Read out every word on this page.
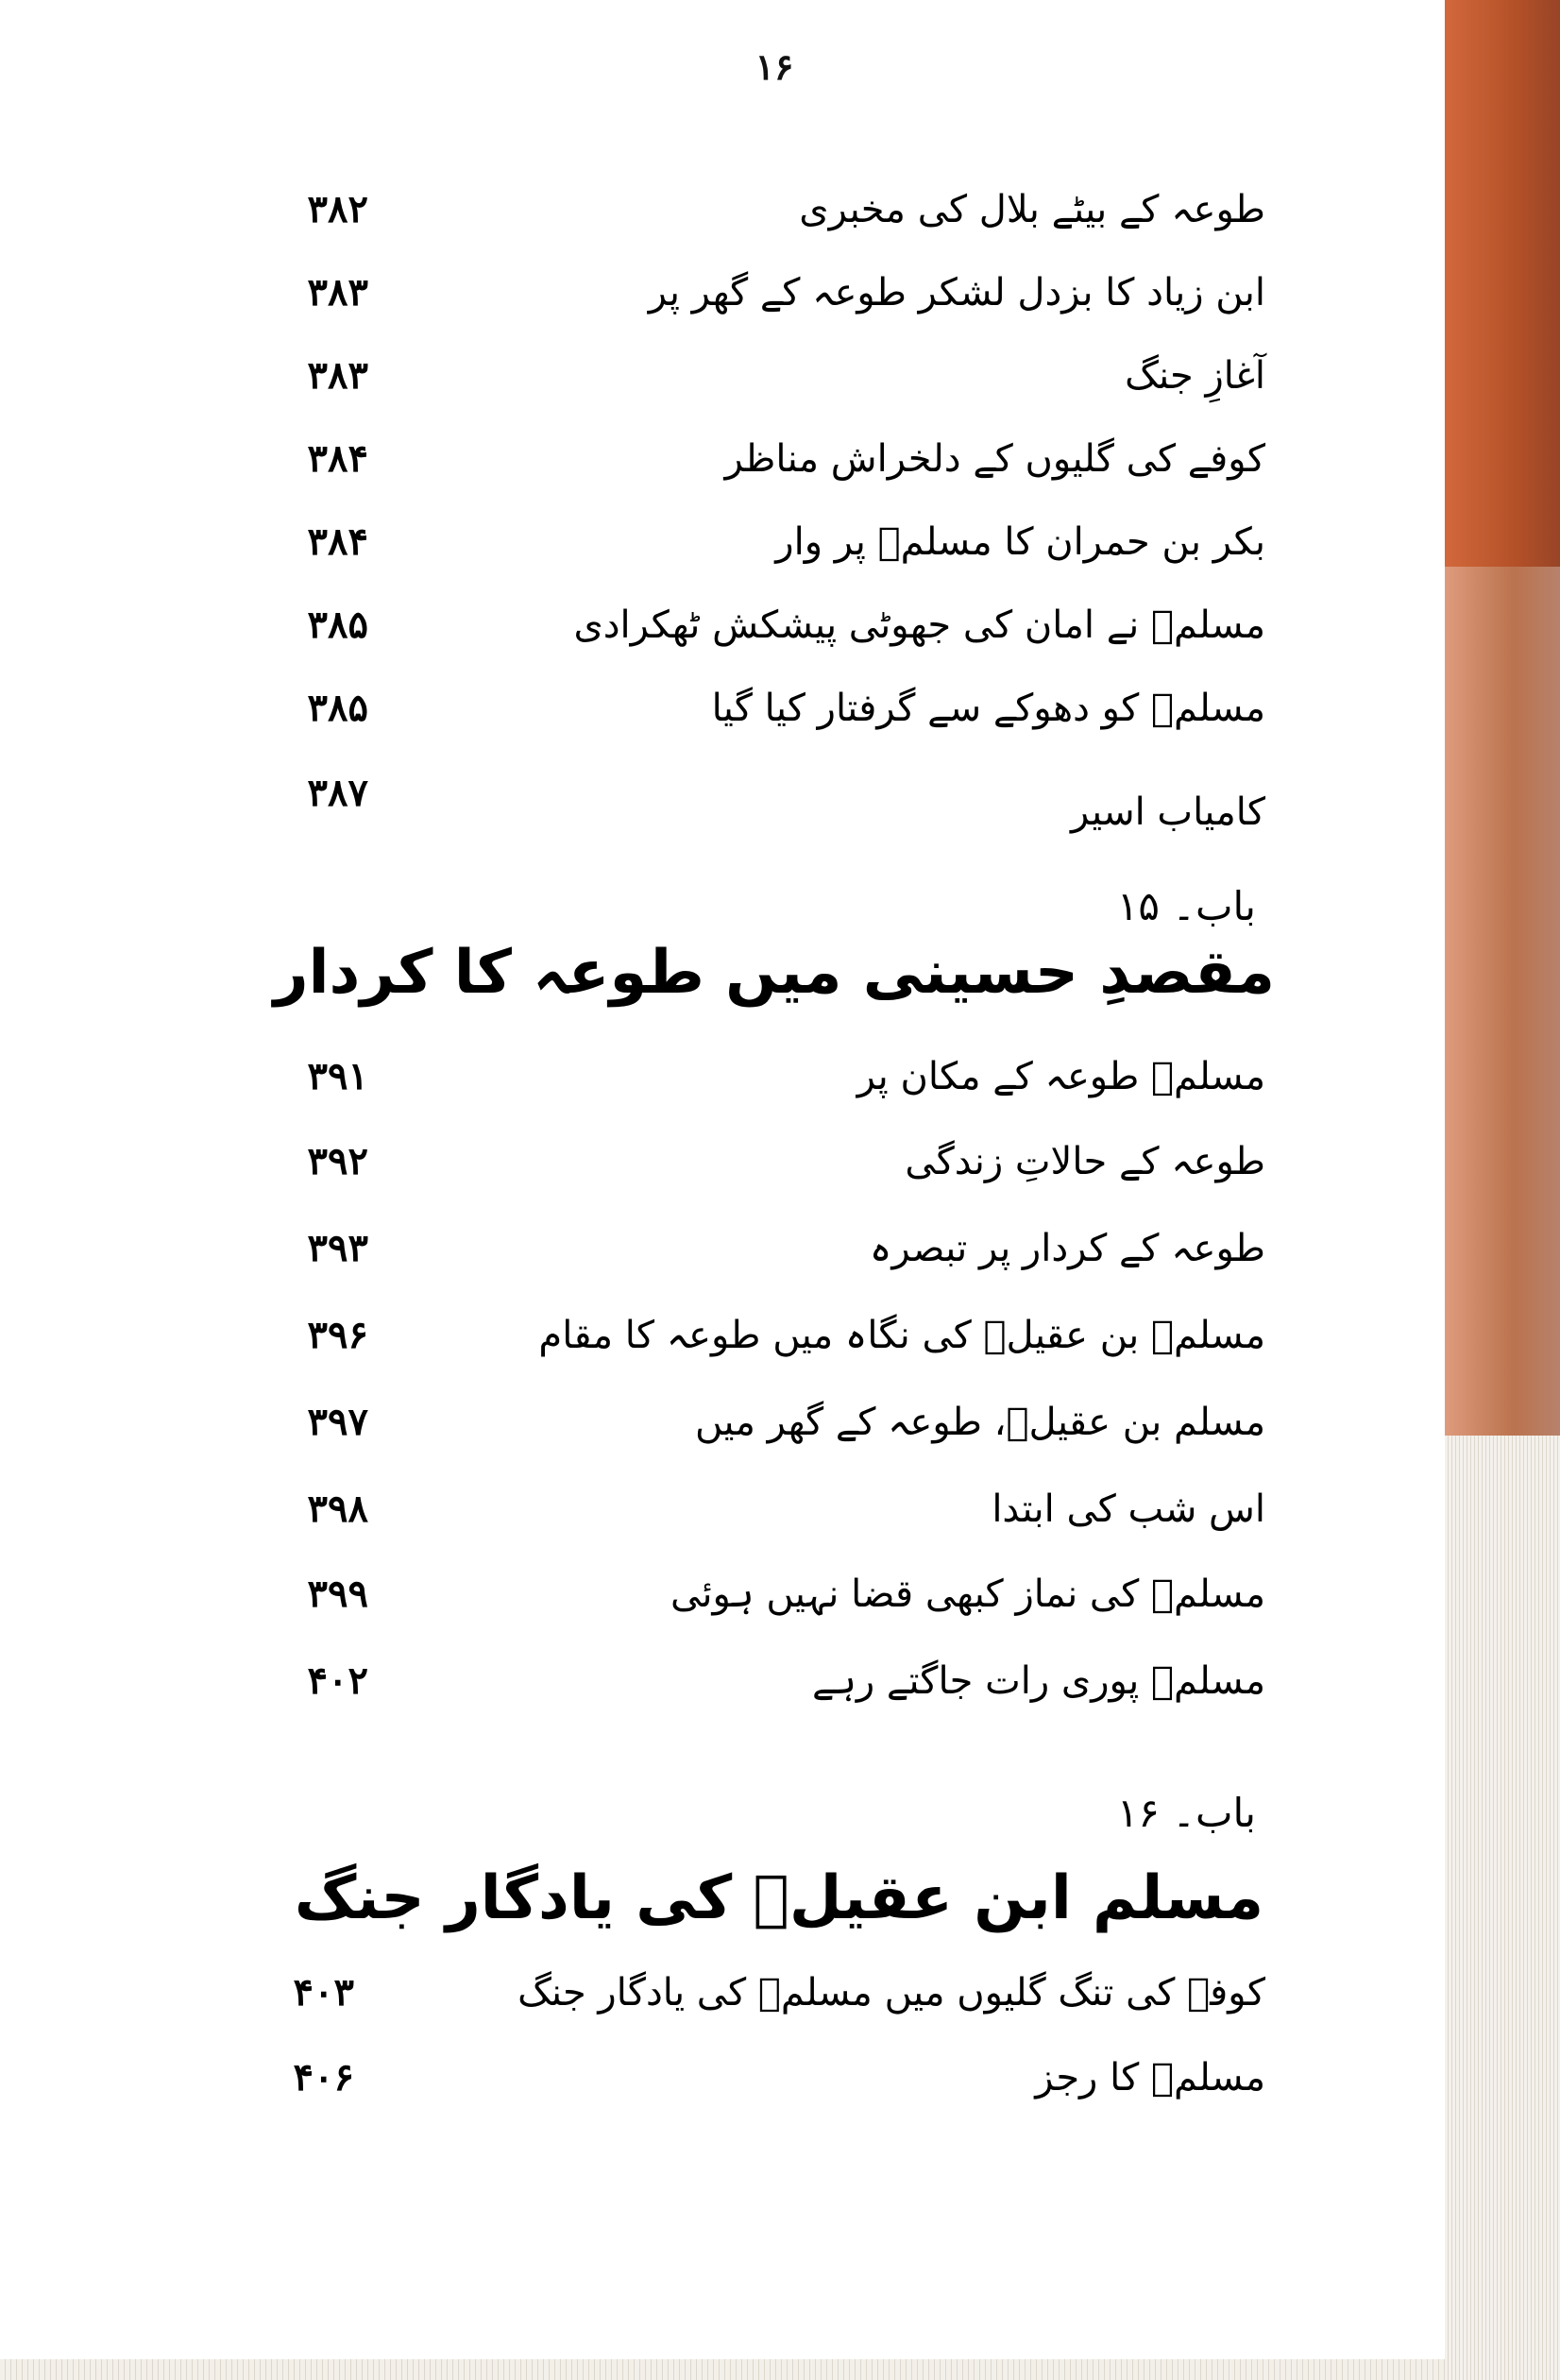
۱۶
طوعہ کے بیٹے بلال کی مخبری
۳۸۲
ابن زیاد کا بزدل لشکر طوعہ کے گھر پر
۳۸۳
آغازِ جنگ
۳۸۳
کوفے کی گلیوں کے دلخراش مناظر
۳۸۴
بکر بن حمران کا مسلمؑ پر وار
۳۸۴
مسلمؑ نے امان کی جھوٹی پیشکش ٹھکرادی
۳۸۵
مسلمؑ کو دھوکے سے گرفتار کیا گیا
۳۸۵
کامیاب اسیر
۳۸۷
باب۔ ۱۵
مقصدِ حسینی میں طوعہ کا کردار
مسلمؑ طوعہ کے مکان پر
۳۹۱
طوعہ کے حالاتِ زندگی
۳۹۲
طوعہ کے کردار پر تبصرہ
۳۹۳
مسلمؑ بن عقیلؑ کی نگاہ میں طوعہ کا مقام
۳۹۶
مسلم بن عقیلؑ، طوعہ کے گھر میں
۳۹۷
اس شب کی ابتدا
۳۹۸
مسلمؑ کی نماز کبھی قضا نہیں ہوئی
۳۹۹
مسلمؑ پوری رات جاگتے رہے
۴۰۲
باب۔ ۱۶
مسلم ابن عقیلؑ کی یادگار جنگ
کوفے کی تنگ گلیوں میں مسلمؑ کی یادگار جنگ
۴۰۳
مسلمؑ کا رجز
۴۰۶
